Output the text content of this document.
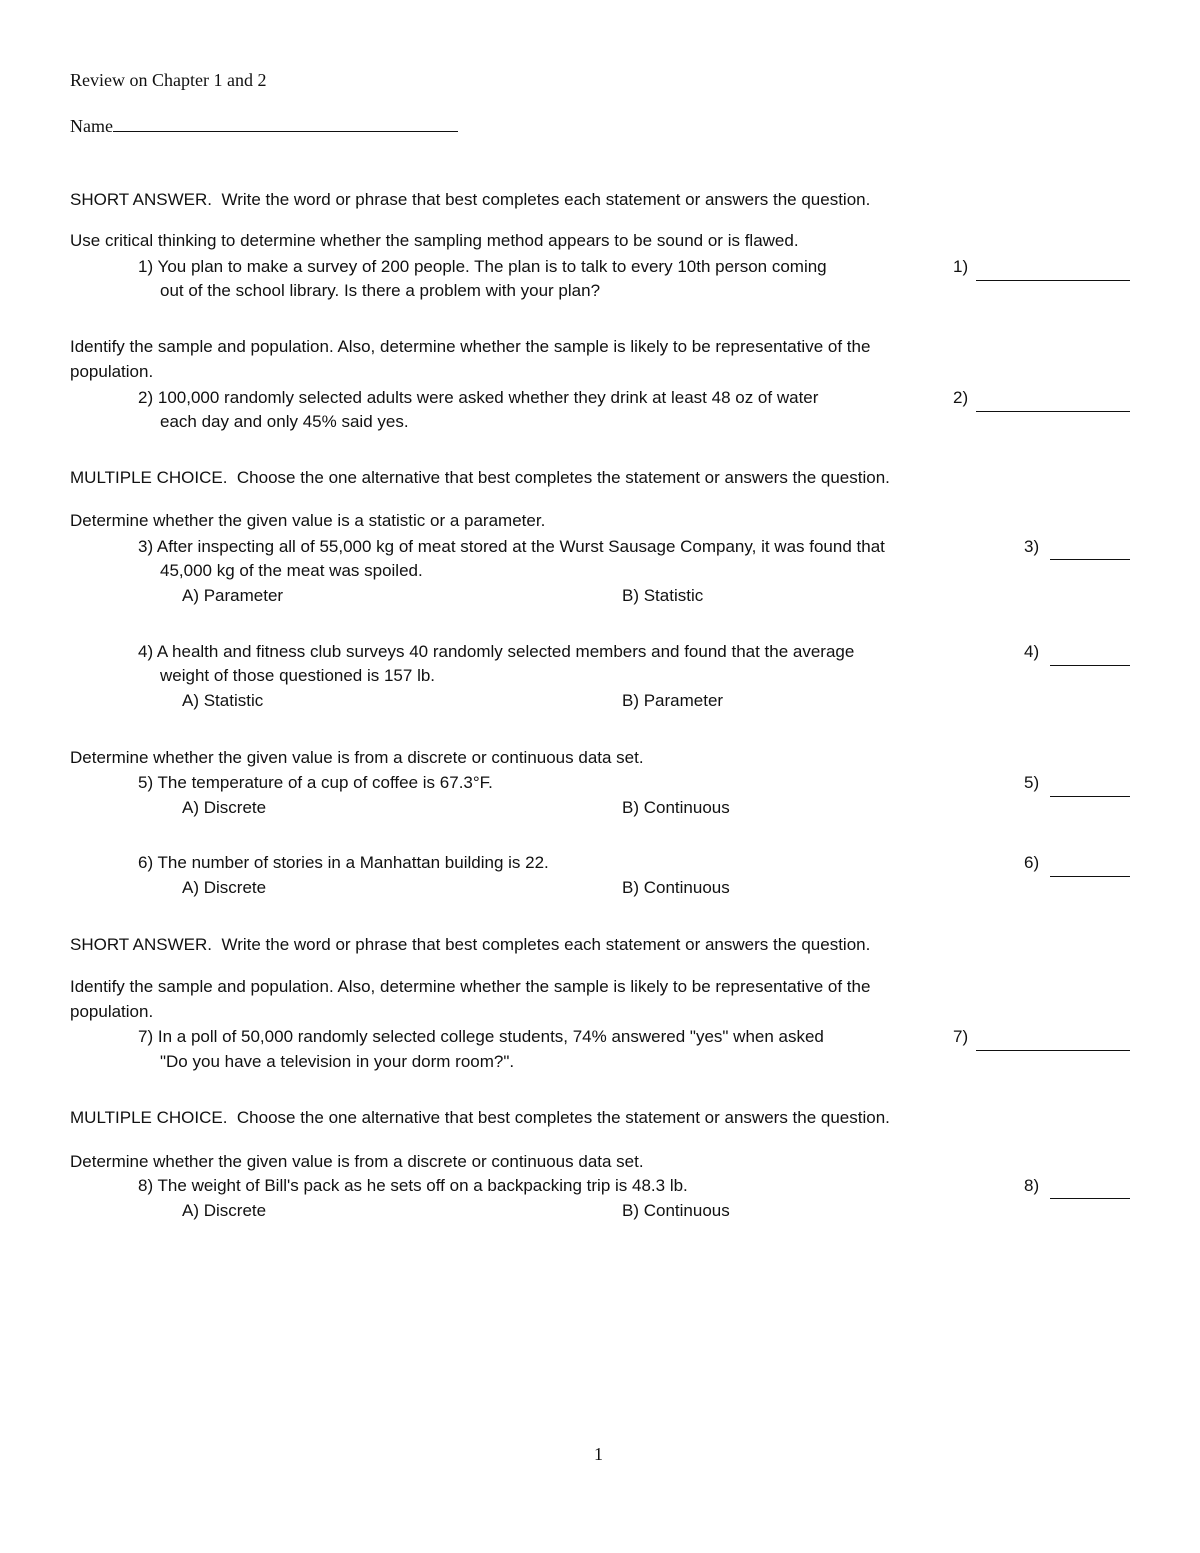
Review on Chapter 1 and 2
Name
SHORT ANSWER. Write the word or phrase that best completes each statement or answers the question.
Use critical thinking to determine whether the sampling method appears to be sound or is flawed.
1) You plan to make a survey of 200 people. The plan is to talk to every 10th person coming
out of the school library. Is there a problem with your plan?
1)
Identify the sample and population. Also, determine whether the sample is likely to be representative of the
population.
2) 100,000 randomly selected adults were asked whether they drink at least 48 oz of water
each day and only 45% said yes.
2)
MULTIPLE CHOICE. Choose the one alternative that best completes the statement or answers the question.
Determine whether the given value is a statistic or a parameter.
3) After inspecting all of 55,000 kg of meat stored at the Wurst Sausage Company, it was found that
45,000 kg of the meat was spoiled.
A) Parameter	B) Statistic
3)
4) A health and fitness club surveys 40 randomly selected members and found that the average
weight of those questioned is 157 lb.
A) Statistic	B) Parameter
4)
Determine whether the given value is from a discrete or continuous data set.
5) The temperature of a cup of coffee is 67.3°F.
A) Discrete	B) Continuous
5)
6) The number of stories in a Manhattan building is 22.
A) Discrete	B) Continuous
6)
SHORT ANSWER. Write the word or phrase that best completes each statement or answers the question.
Identify the sample and population. Also, determine whether the sample is likely to be representative of the
population.
7) In a poll of 50,000 randomly selected college students, 74% answered "yes" when asked
"Do you have a television in your dorm room?".
7)
MULTIPLE CHOICE. Choose the one alternative that best completes the statement or answers the question.
Determine whether the given value is from a discrete or continuous data set.
8) The weight of Bill's pack as he sets off on a backpacking trip is 48.3 lb.
A) Discrete	B) Continuous
8)
1
